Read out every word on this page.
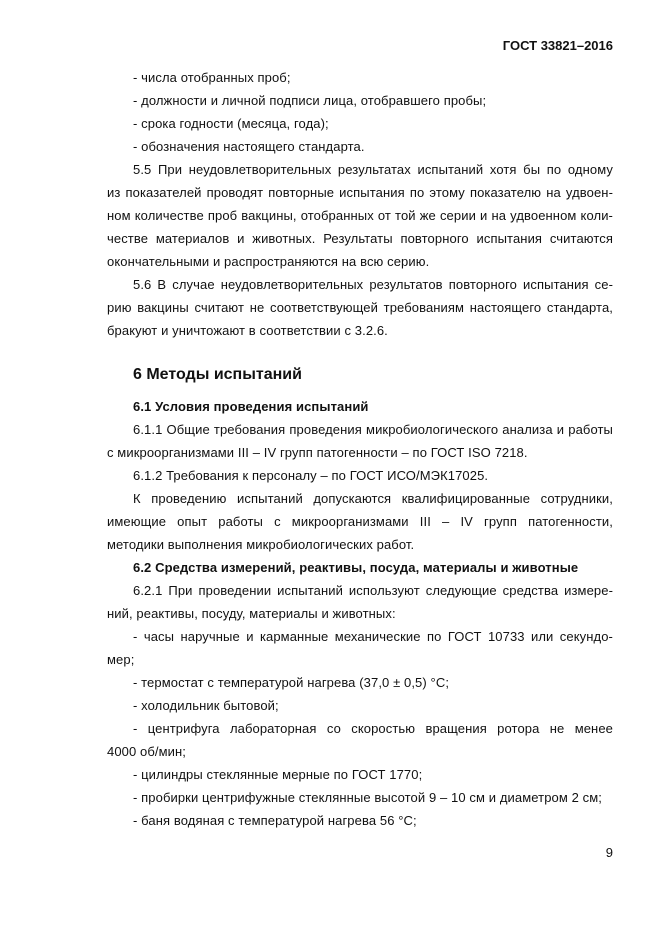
ГОСТ 33821–2016
- числа отобранных проб;
- должности и личной подписи лица, отобравшего пробы;
- срока годности (месяца, года);
- обозначения настоящего стандарта.
5.5 При неудовлетворительных результатах испытаний хотя бы по одному
из показателей проводят повторные испытания по этому показателю на удвоен-
ном количестве проб вакцины, отобранных от той же серии и на удвоенном коли-
честве материалов и животных. Результаты повторного испытания считаются
окончательными и распространяются на всю серию.
5.6 В случае неудовлетворительных результатов повторного испытания се-
рию вакцины считают не соответствующей требованиям настоящего стандарта,
бракуют и уничтожают в соответствии с 3.2.6.
6 Методы испытаний
6.1 Условия проведения испытаний
6.1.1 Общие требования проведения микробиологического анализа и работы
с микроорганизмами III – IV групп патогенности – по ГОСТ ISO 7218.
6.1.2 Требования к персоналу – по ГОСТ ИСО/МЭК17025.
К проведению испытаний допускаются квалифицированные сотрудники,
имеющие опыт работы с микроорганизмами III – IV групп патогенности,
методики выполнения микробиологических работ.
6.2 Средства измерений, реактивы, посуда, материалы и животные
6.2.1 При проведении испытаний используют следующие средства измере-
ний, реактивы, посуду, материалы и животных:
- часы наручные и карманные механические по ГОСТ 10733 или секундо-
мер;
- термостат с температурой нагрева (37,0 ± 0,5) °С;
- холодильник бытовой;
- центрифуга лабораторная со скоростью вращения ротора не менее
4000 об/мин;
- цилиндры стеклянные мерные по ГОСТ 1770;
- пробирки центрифужные стеклянные высотой 9 – 10 см и диаметром 2 см;
- баня водяная с температурой нагрева 56 °С;
9
